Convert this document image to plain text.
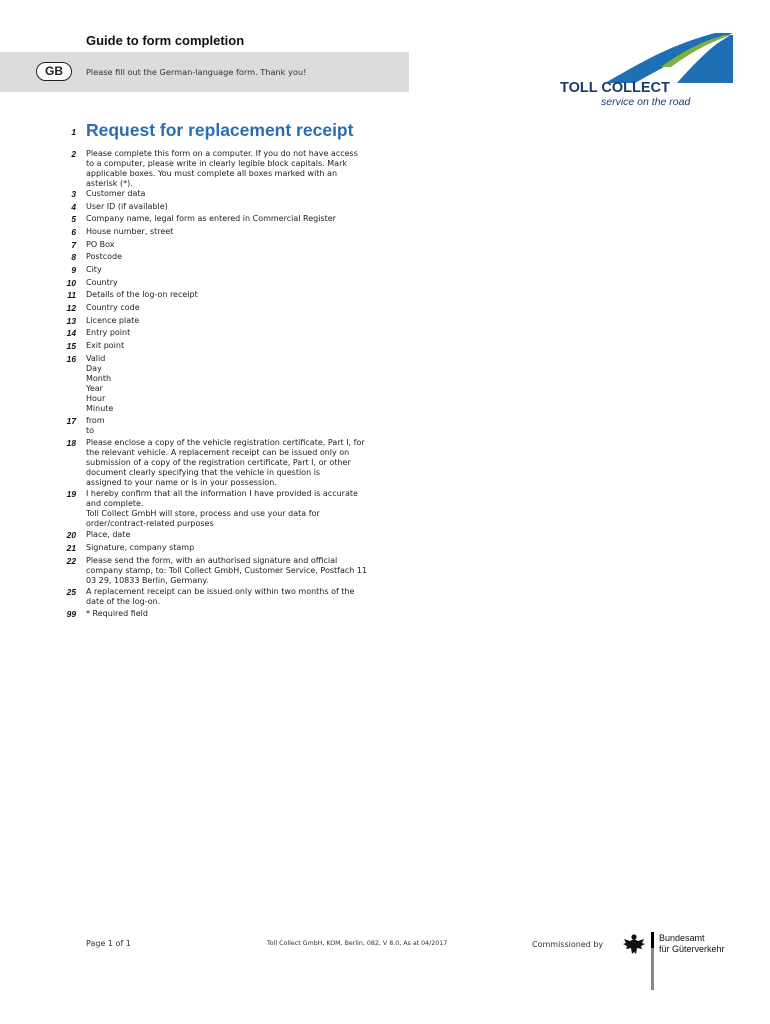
Guide to form completion
GB	Please fill out the German-language form. Thank you!
TOLL COLLECT
service on the road
1 Request for replacement receipt
2 Please complete this form on a computer. If you do not have access
to a computer, please write in clearly legible block capitals. Mark
applicable boxes. You must complete all boxes marked with an
asterisk (*).
3 Customer data
4 User ID (if available)
5 Company name, legal form as entered in Commercial Register
6 House number, street
7 PO Box
8 Postcode
9 City
10 Country
11 Details of the log-on receipt
12 Country code
13 Licence plate
14 Entry point
15 Exit point
16 Valid
Day
Month
Year
Hour
Minute
17 from
to
18 Please enclose a copy of the vehicle registration certificate, Part I, for
the relevant vehicle. A replacement receipt can be issued only on
submission of a copy of the registration certificate, Part I, or other
document clearly specifying that the vehicle in question is
assigned to your name or is in your possession.
19 I hereby confirm that all the information I have provided is accurate
and complete.
Toll Collect GmbH will store, process and use your data for
order/contract-related purposes
20 Place, date
21 Signature, company stamp
22 Please send the form, with an authorised signature and official
company stamp, to: Toll Collect GmbH, Customer Service, Postfach 11
03 29, 10833 Berlin, Germany.
25 A replacement receipt can be issued only within two months of the
date of the log-on.
99 * Required field
Page 1 of 1	Toll Collect GmbH, KOM, Berlin, 082, V 8.0, As at 04/2017	Commissioned by
Bundesamt
für Güterverkehr
